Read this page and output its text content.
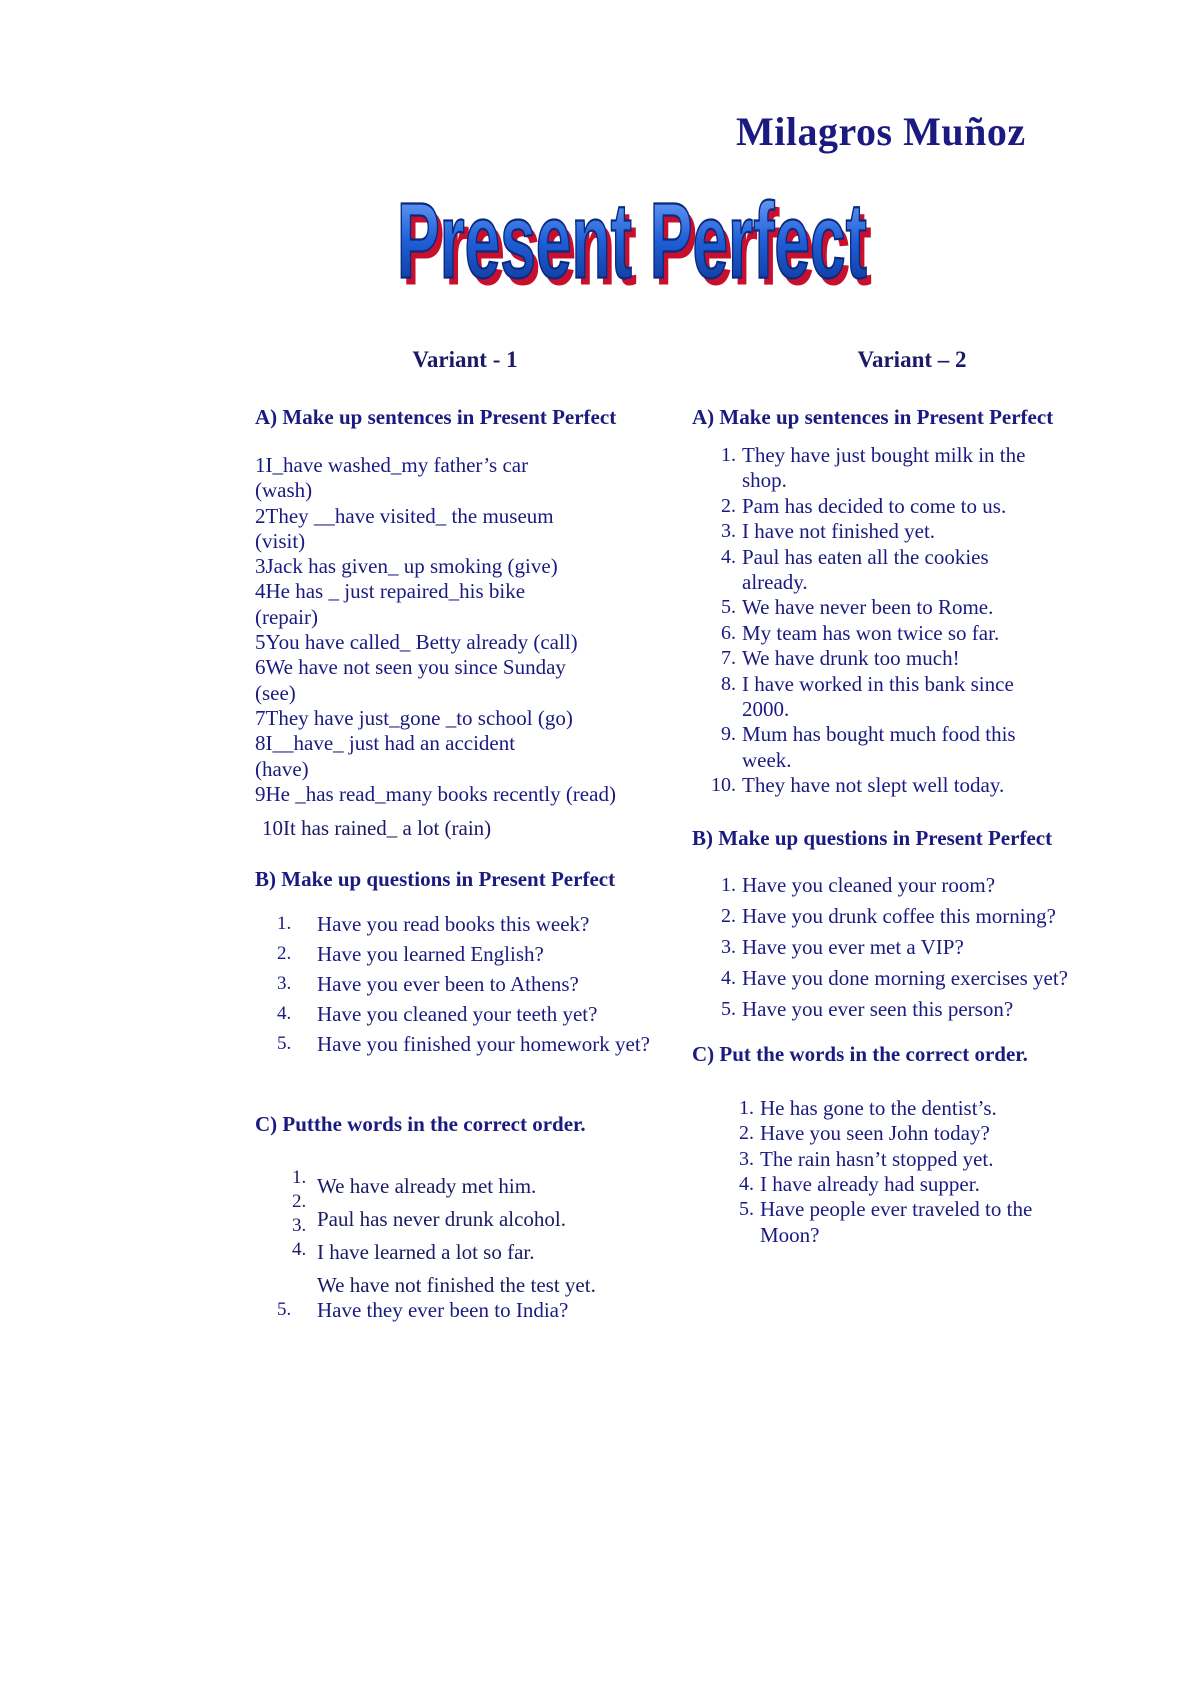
Milagros Muñoz
Present Perfect
Present Perfect

Variant - 1

A) Make up sentences in Present Perfect

1I_have washed_my father’s car
(wash)
2They __have visited_ the museum
(visit)
3Jack has given_ up smoking (give)
4He has _ just repaired_his bike
(repair)
5You have called_ Betty already (call)
6We have not seen you since Sunday
(see)
7They have just_gone _to school (go)
8I__have_ just had an accident
(have)
9He _has read_many books recently (read)
10It has rained_ a lot (rain)

B) Make up questions in Present Perfect

1.	Have you read books this week?
2.	Have you learned English?
3.	Have you ever been to Athens?
4.	Have you cleaned your teeth yet?
5.	Have you finished your homework yet?

C) Putthe words in the correct order.

1.
2.
3.
4.
We have already met him.
Paul has never drunk alcohol.
I have learned a lot so far.
We have not finished the test yet.
5.	Have they ever been to India?

Variant – 2

A) Make up sentences in Present Perfect

1. They have just bought milk in the shop.
2. Pam has decided to come to us.
3. I have not finished yet.
4. Paul has eaten all the cookies already.
5. We have never been to Rome.
6. My team has won twice so far.
7. We have drunk too much!
8. I have worked in this bank since 2000.
9. Mum has bought much food this week.
10. They have not slept well today.

B) Make up questions in Present Perfect

1. Have you cleaned your room?
2. Have you drunk coffee this morning?
3. Have you ever met a VIP?
4. Have you done morning exercises yet?
5. Have you ever seen this person?

C) Put the words in the correct order.

1. He has gone to the dentist’s.
2. Have you seen John today?
3. The rain hasn’t stopped yet.
4. I have already had supper.
5. Have people ever traveled to the Moon?
